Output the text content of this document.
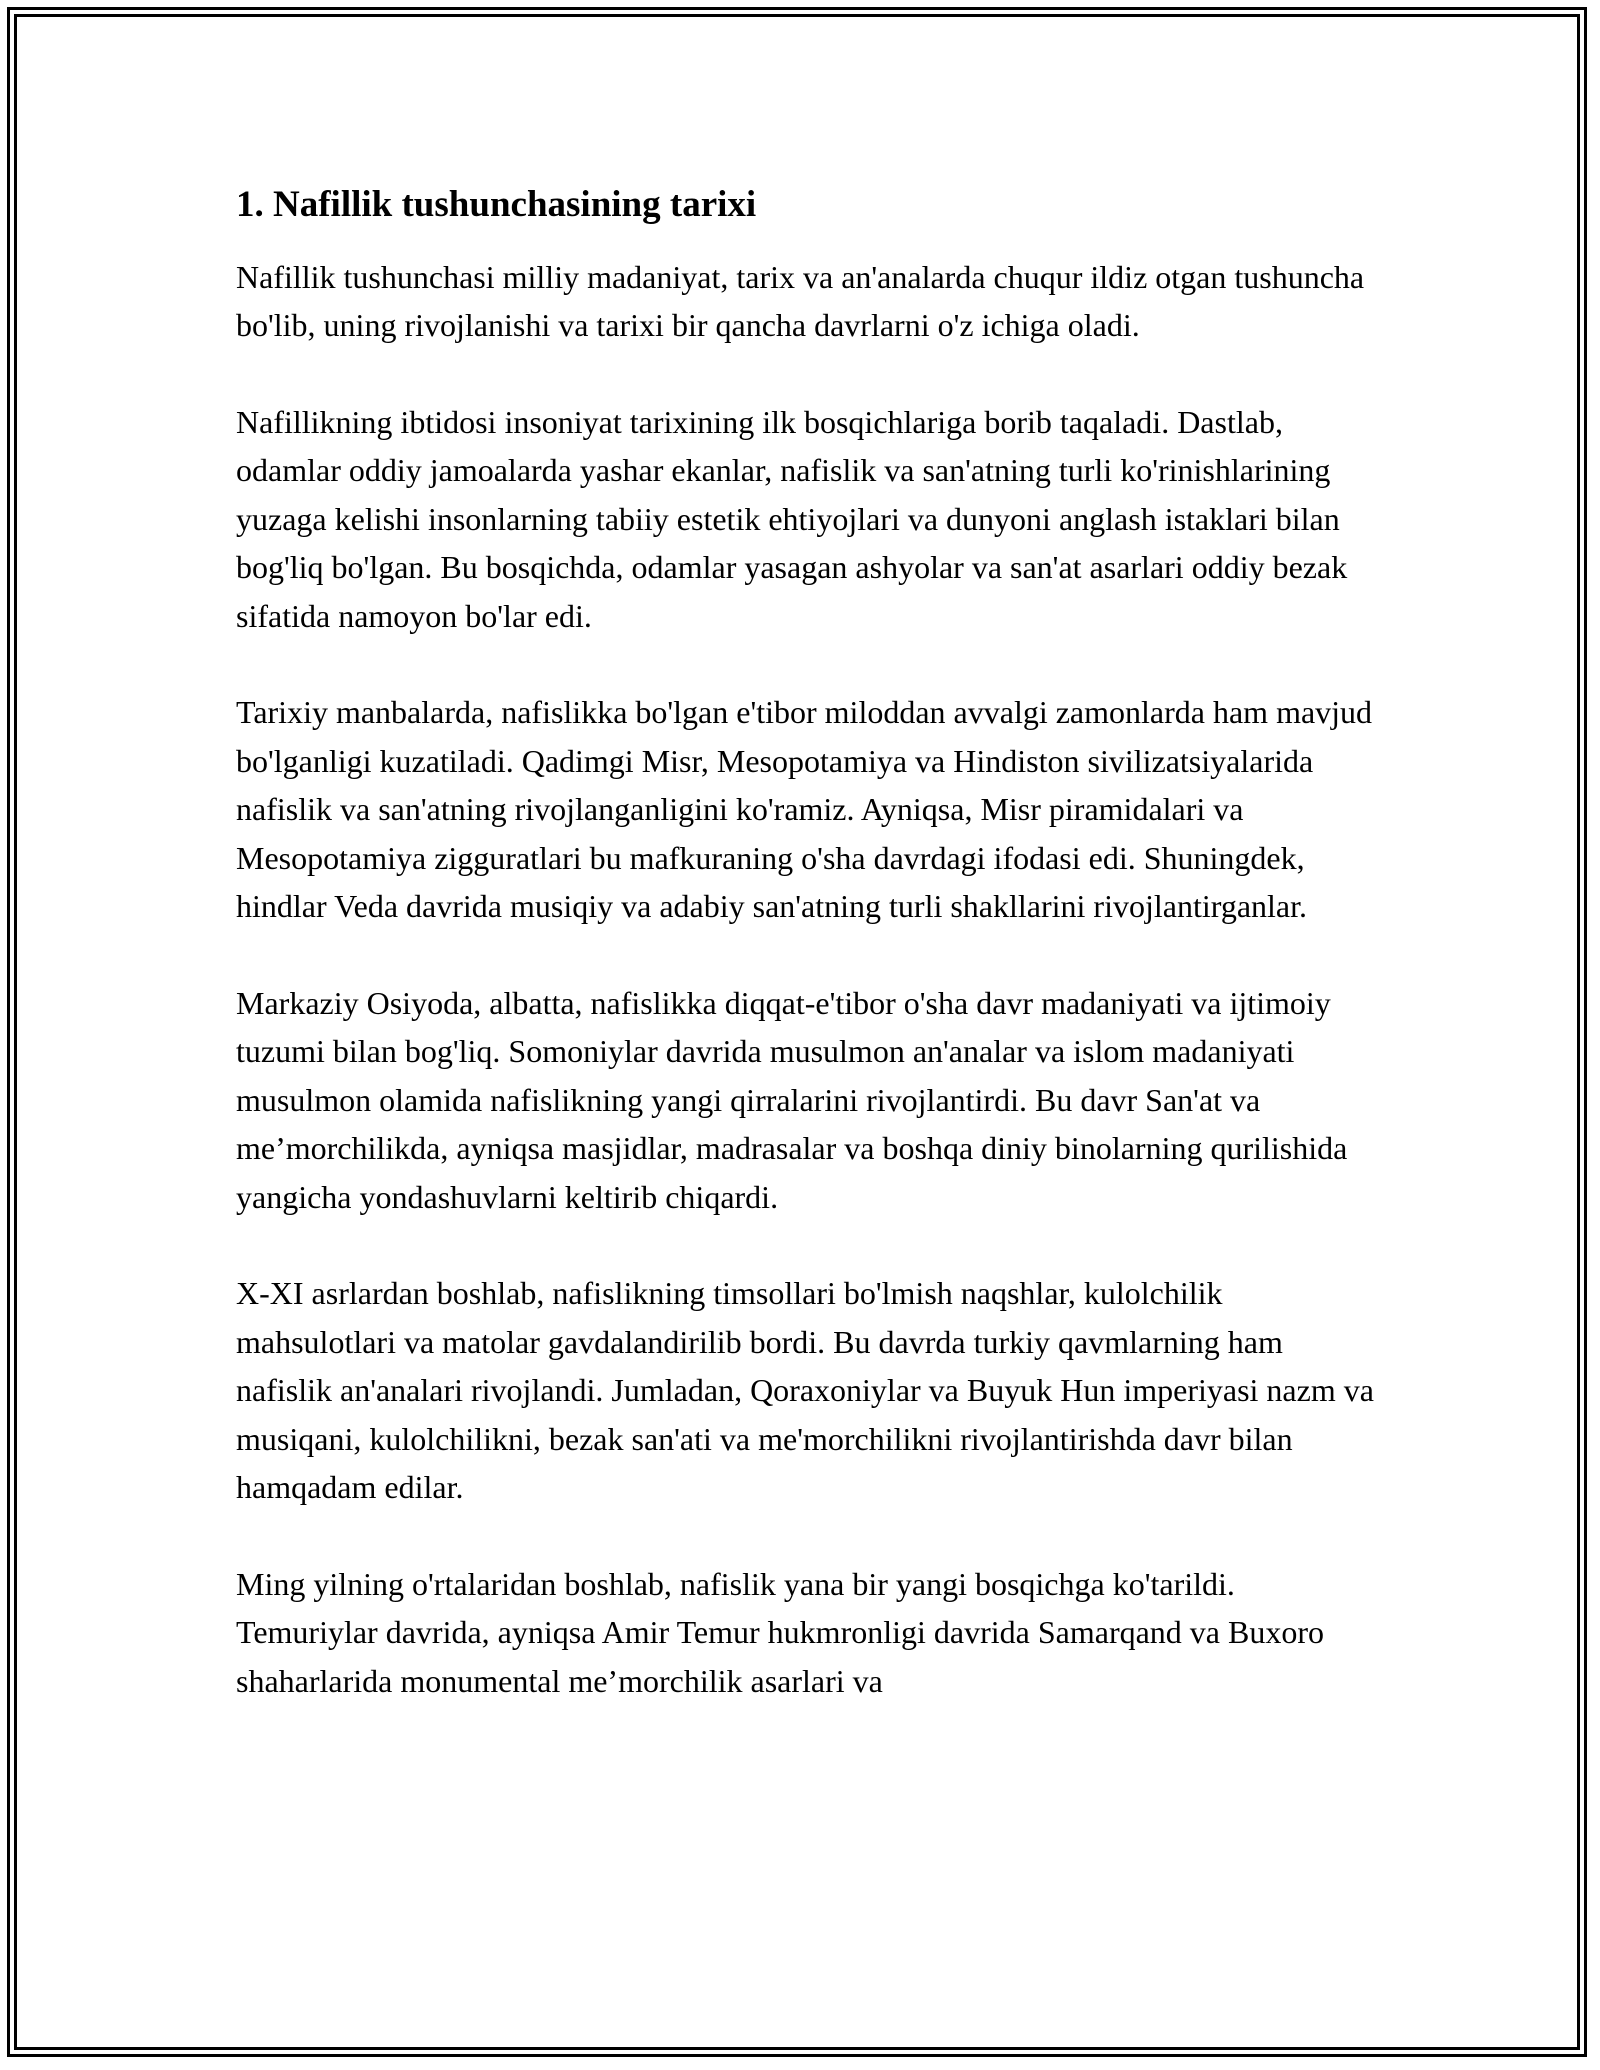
1. Nafillik tushunchasining tarixi

Nafillik tushunchasi milliy madaniyat, tarix va an'analarda chuqur ildiz otgan tushuncha bo'lib, uning rivojlanishi va tarixi bir qancha davrlarni o'z ichiga oladi.

Nafillikning ibtidosi insoniyat tarixining ilk bosqichlariga borib taqaladi. Dastlab, odamlar oddiy jamoalarda yashar ekanlar, nafislik va san'atning turli ko'rinishlarining yuzaga kelishi insonlarning tabiiy estetik ehtiyojlari va dunyoni anglash istaklari bilan bog'liq bo'lgan. Bu bosqichda, odamlar yasagan ashyolar va san'at asarlari oddiy bezak sifatida namoyon bo'lar edi.

Tarixiy manbalarda, nafislikka bo'lgan e'tibor miloddan avvalgi zamonlarda ham mavjud bo'lganligi kuzatiladi. Qadimgi Misr, Mesopotamiya va Hindiston sivilizatsiyalarida nafislik va san'atning rivojlanganligini ko'ramiz. Ayniqsa, Misr piramidalari va Mesopotamiya zigguratlari bu mafkuraning o'sha davrdagi ifodasi edi. Shuningdek, hindlar Veda davrida musiqiy va adabiy san'atning turli shakllarini rivojlantirganlar.

Markaziy Osiyoda, albatta, nafislikka diqqat-e'tibor o'sha davr madaniyati va ijtimoiy tuzumi bilan bog'liq. Somoniylar davrida musulmon an'analar va islom madaniyati musulmon olamida nafislikning yangi qirralarini rivojlantirdi. Bu davr San'at va me’morchilikda, ayniqsa masjidlar, madrasalar va boshqa diniy binolarning qurilishida yangicha yondashuvlarni keltirib chiqardi.

X-XI asrlardan boshlab, nafislikning timsollari bo'lmish naqshlar, kulolchilik mahsulotlari va matolar gavdalandirilib bordi. Bu davrda turkiy qavmlarning ham nafislik an'analari rivojlandi. Jumladan, Qoraxoniylar va Buyuk Hun imperiyasi nazm va musiqani, kulolchilikni, bezak san'ati va me'morchilikni rivojlantirishda davr bilan hamqadam edilar.

Ming yilning o'rtalaridan boshlab, nafislik yana bir yangi bosqichga ko'tarildi. Temuriylar davrida, ayniqsa Amir Temur hukmronligi davrida Samarqand va Buxoro shaharlarida monumental me’morchilik asarlari va
